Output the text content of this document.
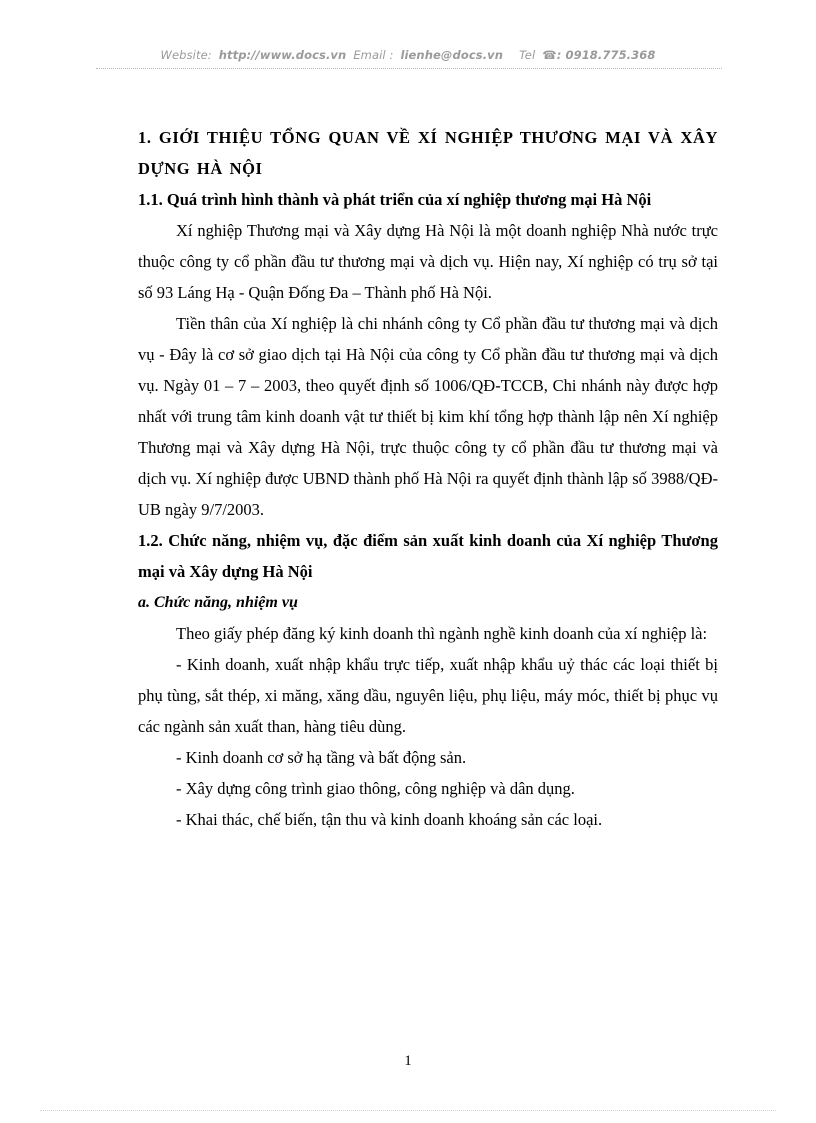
Website: http://www.docs.vn Email : lienhe@docs.vn Tel ☎: 0918.775.368
1. GIỚI THIỆU TỔNG QUAN VỀ XÍ NGHIỆP THƯƠNG MẠI VÀ XÂY DỰNG HÀ NỘI
1.1. Quá trình hình thành và phát triển của xí nghiệp thương mại Hà Nội

Xí nghiệp Thương mại và Xây dựng Hà Nội là một doanh nghiệp Nhà nước trực thuộc công ty cổ phần đầu tư thương mại và dịch vụ. Hiện nay, Xí nghiệp có trụ sở tại số 93 Láng Hạ - Quận Đống Đa – Thành phố Hà Nội.

Tiền thân của Xí nghiệp là chi nhánh công ty Cổ phần đầu tư thương mại và dịch vụ - Đây là cơ sở giao dịch tại Hà Nội của công ty Cổ phần đầu tư thương mại và dịch vụ. Ngày 01 – 7 – 2003, theo quyết định số 1006/QĐ-TCCB, Chi nhánh này được hợp nhất với trung tâm kinh doanh vật tư thiết bị kim khí tổng hợp thành lập nên Xí nghiệp Thương mại và Xây dựng Hà Nội, trực thuộc công ty cổ phần đầu tư thương mại và dịch vụ. Xí nghiệp được UBND thành phố Hà Nội ra quyết định thành lập số 3988/QĐ-UB ngày 9/7/2003.

1.2. Chức năng, nhiệm vụ, đặc điểm sản xuất kinh doanh của Xí nghiệp Thương mại và Xây dựng Hà Nội
a. Chức năng, nhiệm vụ

Theo giấy phép đăng ký kinh doanh thì ngành nghề kinh doanh của xí nghiệp là:

- Kinh doanh, xuất nhập khẩu trực tiếp, xuất nhập khẩu uỷ thác các loại thiết bị phụ tùng, sắt thép, xi măng, xăng dầu, nguyên liệu, phụ liệu, máy móc, thiết bị phục vụ các ngành sản xuất than, hàng tiêu dùng.

- Kinh doanh cơ sở hạ tầng và bất động sản.

- Xây dựng công trình giao thông, công nghiệp và dân dụng.

- Khai thác, chế biến, tận thu và kinh doanh khoáng sản các loại.

1
